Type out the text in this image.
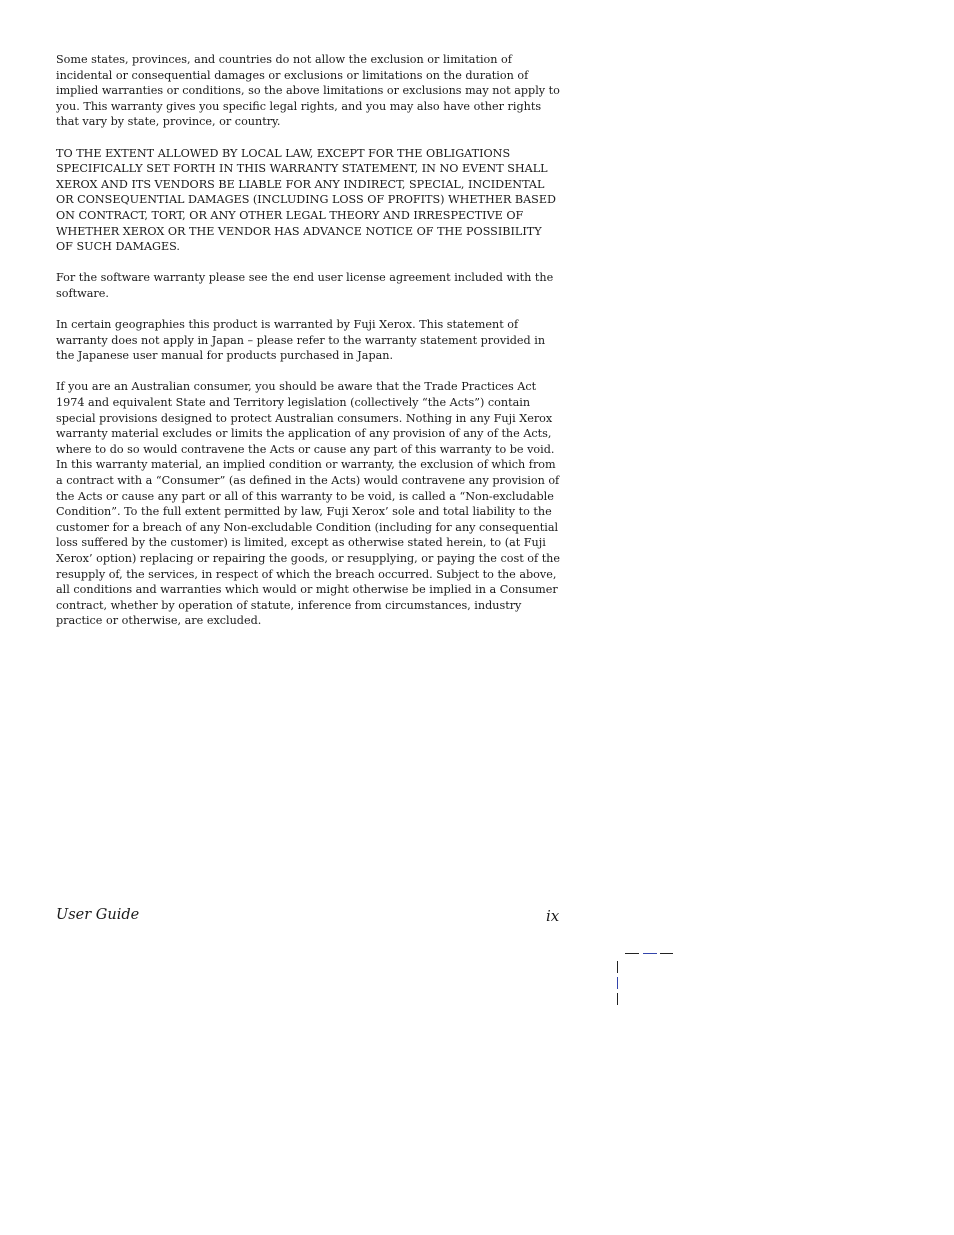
Some states, provinces, and countries do not allow the exclusion or limitation of incidental or consequential damages or exclusions or limitations on the duration of implied warranties or conditions, so the above limitations or exclusions may not apply to you. This warranty gives you specific legal rights, and you may also have other rights that vary by state, province, or country.

TO THE EXTENT ALLOWED BY LOCAL LAW, EXCEPT FOR THE OBLIGATIONS SPECIFICALLY SET FORTH IN THIS WARRANTY STATEMENT, IN NO EVENT SHALL XEROX AND ITS VENDORS BE LIABLE FOR ANY INDIRECT, SPECIAL, INCIDENTAL OR CONSEQUENTIAL DAMAGES (INCLUDING LOSS OF PROFITS) WHETHER BASED ON CONTRACT, TORT, OR ANY OTHER LEGAL THEORY AND IRRESPECTIVE OF WHETHER XEROX OR THE VENDOR HAS ADVANCE NOTICE OF THE POSSIBILITY OF SUCH DAMAGES.

For the software warranty please see the end user license agreement included with the software.

In certain geographies this product is warranted by Fuji Xerox. This statement of warranty does not apply in Japan – please refer to the warranty statement provided in the Japanese user manual for products purchased in Japan.

If you are an Australian consumer, you should be aware that the Trade Practices Act 1974 and equivalent State and Territory legislation (collectively “the Acts”) contain special provisions designed to protect Australian consumers. Nothing in any Fuji Xerox warranty material excludes or limits the application of any provision of any of the Acts, where to do so would contravene the Acts or cause any part of this warranty to be void. In this warranty material, an implied condition or warranty, the exclusion of which from a contract with a “Consumer” (as defined in the Acts) would contravene any provision of the Acts or cause any part or all of this warranty to be void, is called a “Non-excludable Condition”. To the full extent permitted by law, Fuji Xerox’ sole and total liability to the customer for a breach of any Non-excludable Condition (including for any consequential loss suffered by the customer) is limited, except as otherwise stated herein, to (at Fuji Xerox’ option) replacing or repairing the goods, or resupplying, or paying the cost of the resupply of, the services, in respect of which the breach occurred. Subject to the above, all conditions and warranties which would or might otherwise be implied in a Consumer contract, whether by operation of statute, inference from circumstances, industry practice or otherwise, are excluded.

User Guide	ix
